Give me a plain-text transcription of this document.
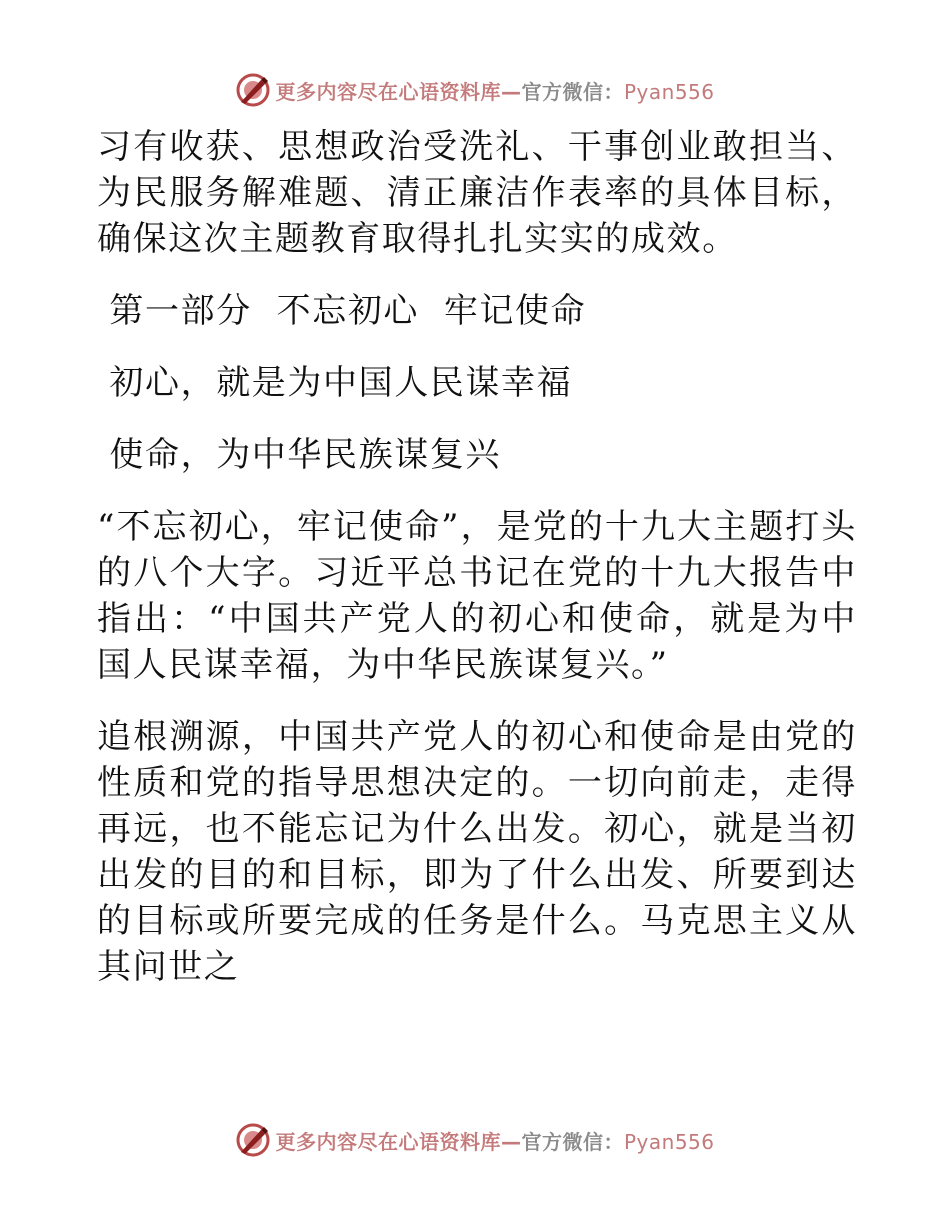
更多内容尽在心语资料库—官方微信：Pyan556

习有收获、思想政治受洗礼、干事创业敢担当、为民服务解难题、清正廉洁作表率的具体目标，确保这次主题教育取得扎扎实实的成效。

第一部分  不忘初心  牢记使命

初心，就是为中国人民谋幸福

使命，为中华民族谋复兴

“不忘初心，牢记使命”，是党的十九大主题打头的八个大字。习近平总书记在党的十九大报告中指出：“中国共产党人的初心和使命，就是为中国人民谋幸福，为中华民族谋复兴。”

追根溯源，中国共产党人的初心和使命是由党的性质和党的指导思想决定的。一切向前走，走得再远，也不能忘记为什么出发。初心，就是当初出发的目的和目标，即为了什么出发、所要到达的目标或所要完成的任务是什么。马克思主义从其问世之

更多内容尽在心语资料库—官方微信：Pyan556
